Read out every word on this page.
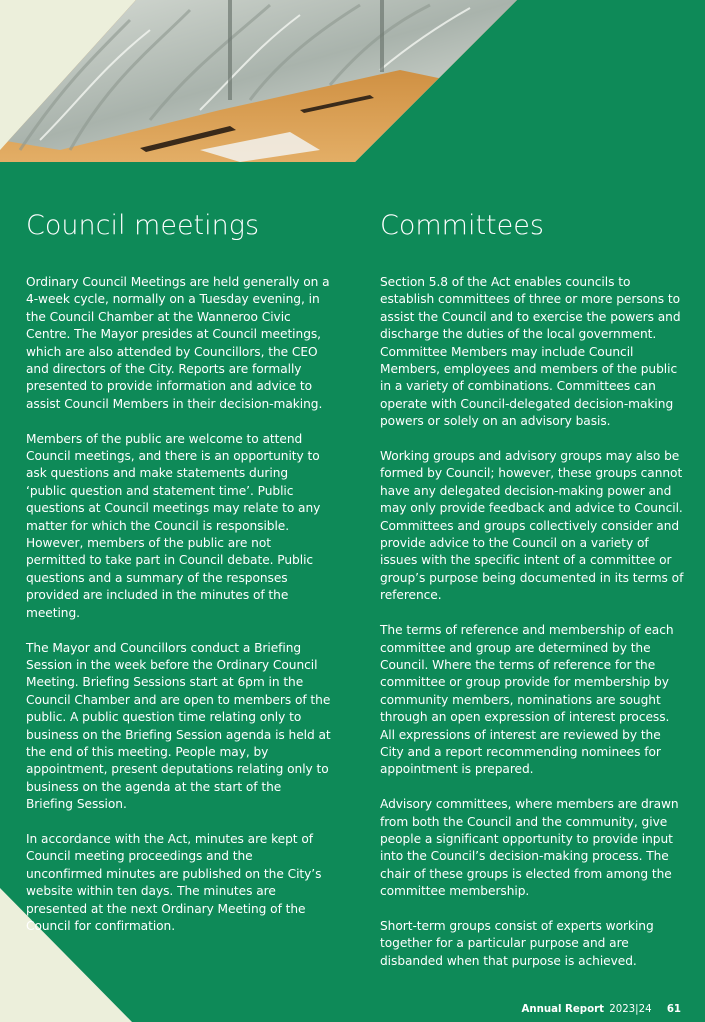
Council meetings

Ordinary Council Meetings are held generally on a 4-week cycle, normally on a Tuesday evening, in the Council Chamber at the Wanneroo Civic Centre. The Mayor presides at Council meetings, which are also attended by Councillors, the CEO and directors of the City. Reports are formally presented to provide information and advice to assist Council Members in their decision-making.

Members of the public are welcome to attend Council meetings, and there is an opportunity to ask questions and make statements during ‘public question and statement time’. Public questions at Council meetings may relate to any matter for which the Council is responsible. However, members of the public are not permitted to take part in Council debate. Public questions and a summary of the responses provided are included in the minutes of the meeting.

The Mayor and Councillors conduct a Briefing Session in the week before the Ordinary Council Meeting. Briefing Sessions start at 6pm in the Council Chamber and are open to members of the public. A public question time relating only to business on the Briefing Session agenda is held at the end of this meeting. People may, by appointment, present deputations relating only to business on the agenda at the start of the Briefing Session.

In accordance with the Act, minutes are kept of Council meeting proceedings and the unconfirmed minutes are published on the City’s website within ten days. The minutes are presented at the next Ordinary Meeting of the Council for confirmation.

Committees

Section 5.8 of the Act enables councils to establish committees of three or more persons to assist the Council and to exercise the powers and discharge the duties of the local government. Committee Members may include Council Members, employees and members of the public in a variety of combinations. Committees can operate with Council-delegated decision-making powers or solely on an advisory basis.

Working groups and advisory groups may also be formed by Council; however, these groups cannot have any delegated decision-making power and may only provide feedback and advice to Council. Committees and groups collectively consider and provide advice to the Council on a variety of issues with the specific intent of a committee or group’s purpose being documented in its terms of reference.

The terms of reference and membership of each committee and group are determined by the Council. Where the terms of reference for the committee or group provide for membership by community members, nominations are sought through an open expression of interest process. All expressions of interest are reviewed by the City and a report recommending nominees for appointment is prepared.

Advisory committees, where members are drawn from both the Council and the community, give people a significant opportunity to provide input into the Council’s decision-making process. The chair of these groups is elected from among the committee membership.

Short-term groups consist of experts working together for a particular purpose and are disbanded when that purpose is achieved.

Annual Report 2023|24 61
